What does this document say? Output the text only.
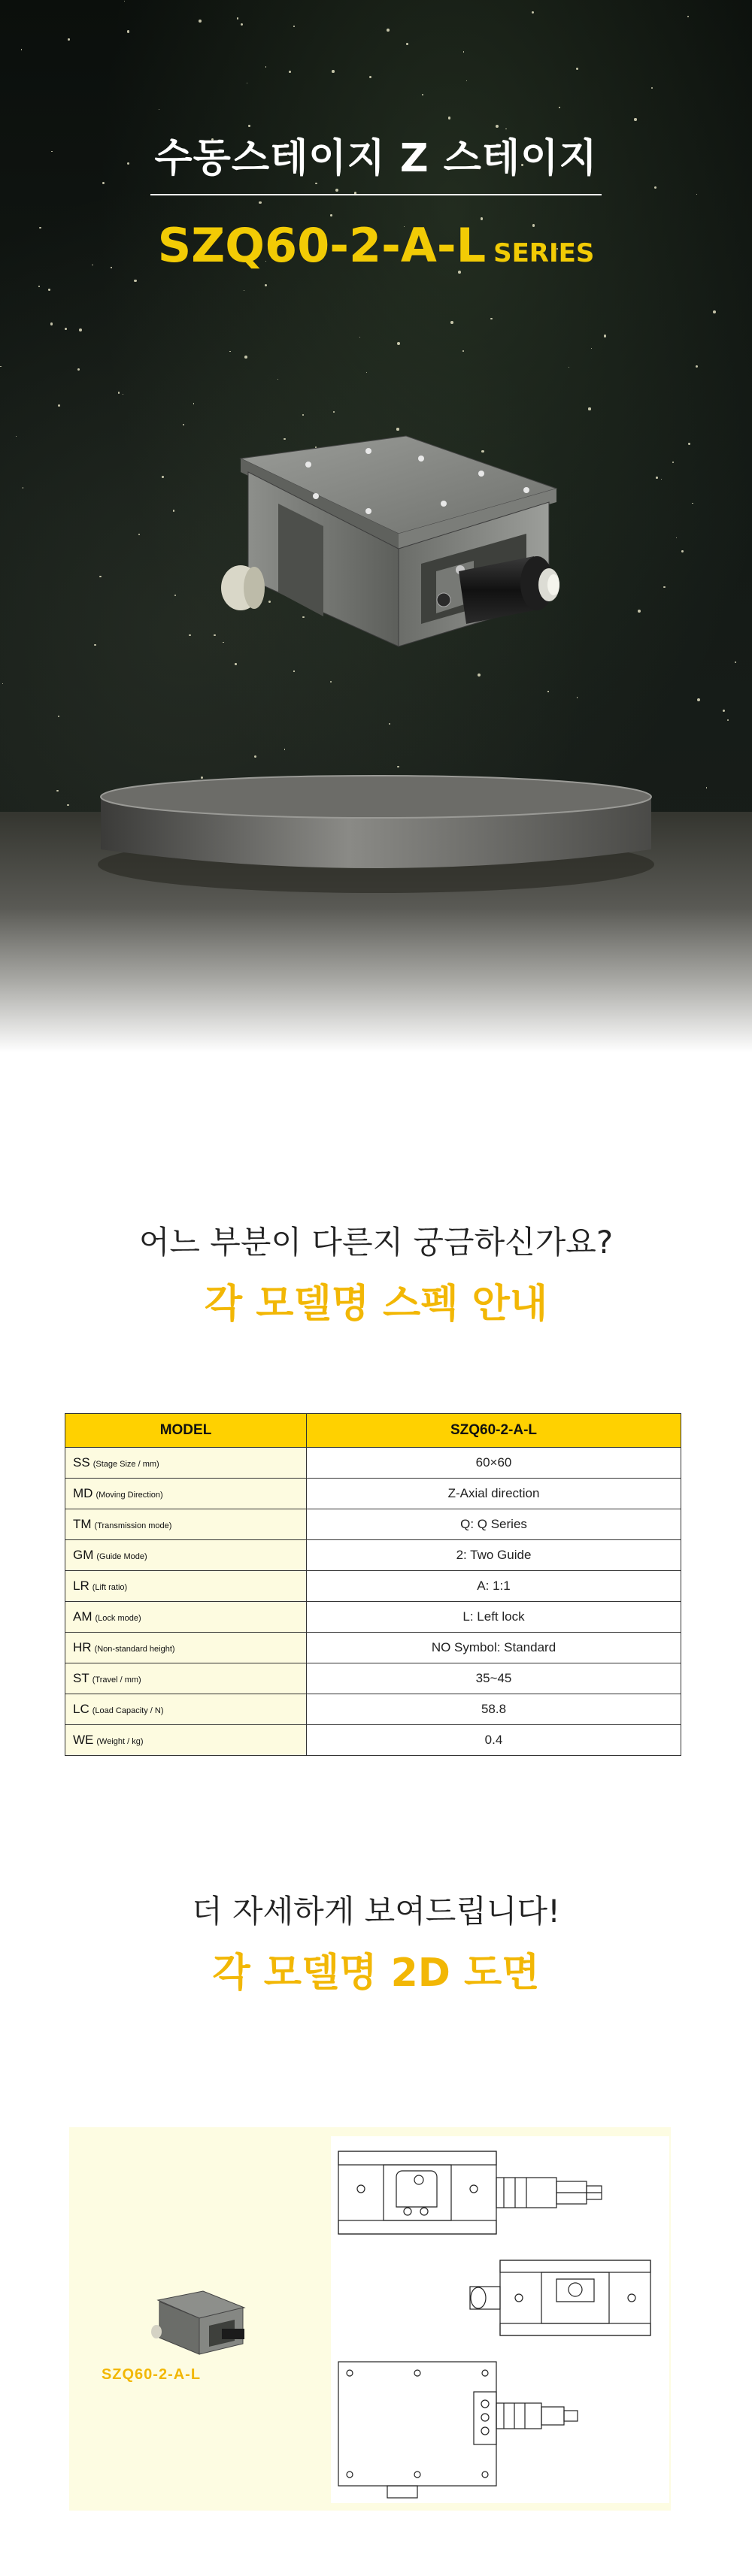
수동스테이지 Z 스테이지
SZQ60-2-A-L SERIES
어느 부분이 다른지 궁금하신가요?
각 모델명 스펙 안내
MODEL	SZQ60-2-A-L
SS (Stage Size / mm)	60×60
MD (Moving Direction)	Z-Axial direction
TM (Transmission mode)	Q: Q Series
GM (Guide Mode)	2: Two Guide
LR (Lift ratio)	A: 1:1
AM (Lock mode)	L: Left lock
HR (Non-standard height)	NO Symbol: Standard
ST (Travel / mm)	35~45
LC (Load Capacity / N)	58.8
WE (Weight / kg)	0.4
더 자세하게 보여드립니다!
각 모델명 2D 도면
SZQ60-2-A-L
